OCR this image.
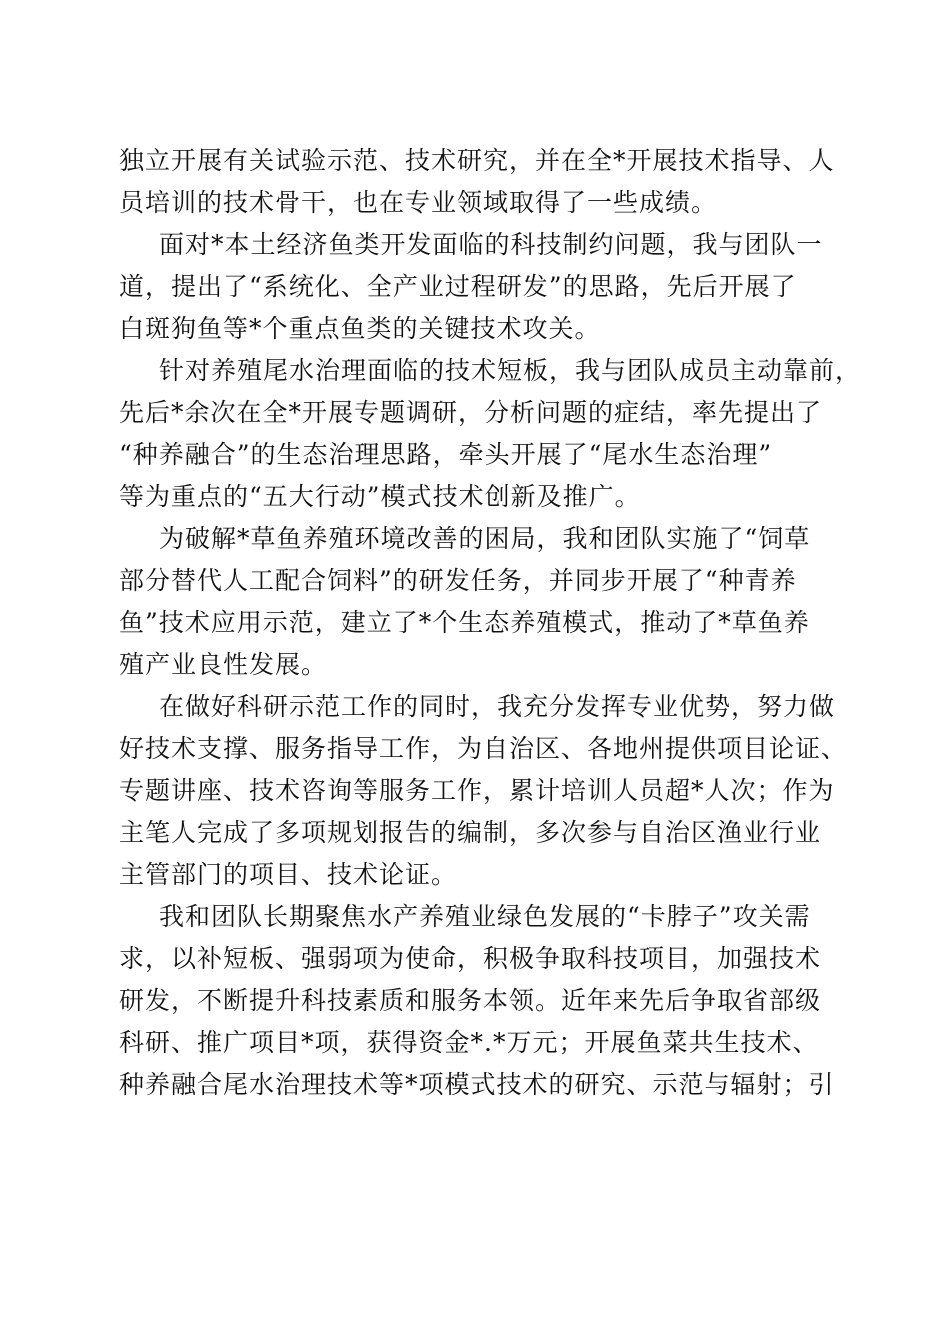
独立开展有关试验示范、技术研究，并在全*开展技术指导、人
员培训的技术骨干，也在专业领域取得了一些成绩。
面对*本土经济鱼类开发面临的科技制约问题，我与团队一
道，提出了“系统化、全产业过程研发”的思路，先后开展了
白斑狗鱼等*个重点鱼类的关键技术攻关。
针对养殖尾水治理面临的技术短板，我与团队成员主动靠前，
先后*余次在全*开展专题调研，分析问题的症结，率先提出了
“种养融合”的生态治理思路，牵头开展了“尾水生态治理”
等为重点的“五大行动”模式技术创新及推广。
为破解*草鱼养殖环境改善的困局，我和团队实施了“饲草
部分替代人工配合饲料”的研发任务，并同步开展了“种青养
鱼”技术应用示范，建立了*个生态养殖模式，推动了*草鱼养
殖产业良性发展。
在做好科研示范工作的同时，我充分发挥专业优势，努力做
好技术支撑、服务指导工作，为自治区、各地州提供项目论证、
专题讲座、技术咨询等服务工作，累计培训人员超*人次；作为
主笔人完成了多项规划报告的编制，多次参与自治区渔业行业
主管部门的项目、技术论证。
我和团队长期聚焦水产养殖业绿色发展的“卡脖子”攻关需
求，以补短板、强弱项为使命，积极争取科技项目，加强技术
研发，不断提升科技素质和服务本领。近年来先后争取省部级
科研、推广项目*项，获得资金*.*万元；开展鱼菜共生技术、
种养融合尾水治理技术等*项模式技术的研究、示范与辐射；引
